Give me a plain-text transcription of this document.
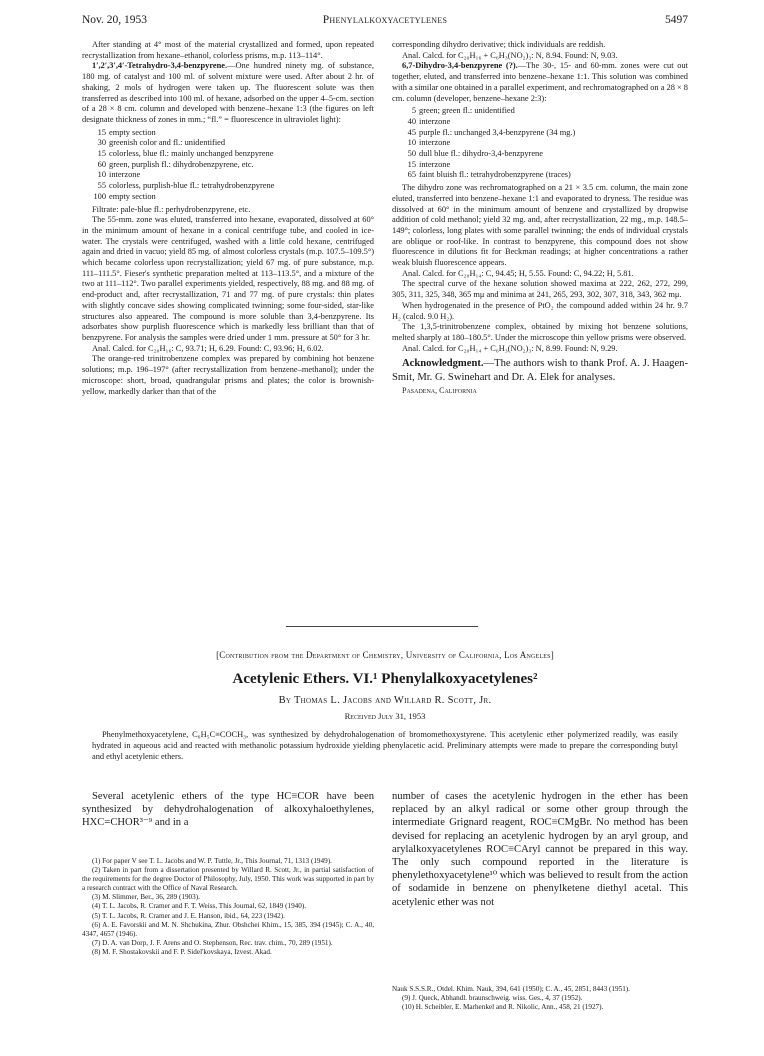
Nov. 20, 1953	Phenylalkoxyacetylenes	5497

After standing at 4° most of the material crystallized and formed, upon repeated recrystallization from hexane–ethanol, colorless prisms, m.p. 113–114°.

1′,2′,3′,4′-Tetrahydro-3,4-benzpyrene.—One hundred ninety mg. of substance, 180 mg. of catalyst and 100 ml. of solvent mixture were used. After about 2 hr. of shaking, 2 mols of hydrogen were taken up. The fluorescent solute was then transferred as described into 100 ml. of hexane, adsorbed on the upper 4–5-cm. section of a 28 × 8 cm. column and developed with benzene–hexane 1:3 (the figures on left designate thickness of zones in mm.; “fl.” = fluorescence in ultraviolet light):

15 empty section
30 greenish color and fl.: unidentified
15 colorless, blue fl.: mainly unchanged benzpyrene
60 green, purplish fl.: dihydrobenzpyrene, etc.
10 interzone
55 colorless, purplish-blue fl.: tetrahydrobenzpyrene
100 empty section

Filtrate: pale-blue fl.: perhydrobenzpyrene, etc.

The 55-mm. zone was eluted, transferred into hexane, evaporated, dissolved at 60° in the minimum amount of hexane in a conical centrifuge tube, and cooled in ice-water. The crystals were centrifuged, washed with a little cold hexane, centrifuged again and dried in vacuo; yield 85 mg. of almost colorless crystals (m.p. 107.5–109.5°) which became colorless upon recrystallization; yield 67 mg. of pure substance, m.p. 111–111.5°. Fieser's synthetic preparation melted at 113–113.5°, and a mixture of the two at 111–112°. Two parallel experiments yielded, respectively, 88 mg. and 88 mg. of end-product and, after recrystallization, 71 and 77 mg. of pure crystals: thin plates with slightly concave sides showing complicated twinning; some four-sided, star-like structures also appeared. The compound is more soluble than 3,4-benzpyrene. Its adsorbates show purplish fluorescence which is markedly less brilliant than that of benzpyrene. For analysis the samples were dried under 1 mm. pressure at 50° for 3 hr.

Anal. Calcd. for C₂₀H₁₆: C, 93.71; H, 6.29. Found: C, 93.96; H, 6.02.

The orange-red trinitrobenzene complex was prepared by combining hot benzene solutions; m.p. 196–197° (after recrystallization from benzene–methanol); under the microscope: short, broad, quadrangular prisms and plates; the color is brownish-yellow, markedly darker than that of the

corresponding dihydro derivative; thick individuals are reddish.

Anal. Calcd. for C₂₀H₁₆ + C₆H₃(NO₂)₃: N, 8.94. Found: N, 9.03.

6,7-Dihydro-3,4-benzpyrene (?).—The 30-, 15- and 60-mm. zones were cut out together, eluted, and transferred into benzene–hexane 1:1. This solution was combined with a similar one obtained in a parallel experiment, and rechromatographed on a 28 × 8 cm. column (developer, benzene–hexane 2:3):

5 green; green fl.: unidentified
40 interzone
45 purple fl.: unchanged 3,4-benzpyrene (34 mg.)
10 interzone
50 dull blue fl.: dihydro-3,4-benzpyrene
15 interzone
65 faint bluish fl.: tetrahydrobenzpyrene (traces)

The dihydro zone was rechromatographed on a 21 × 3.5 cm. column, the main zone eluted, transferred into benzene–hexane 1:1 and evaporated to dryness. The residue was dissolved at 60° in the minimum amount of benzene and crystallized by dropwise addition of cold methanol; yield 32 mg. and, after recrystallization, 22 mg., m.p. 148.5–149°; colorless, long plates with some parallel twinning; the ends of individual crystals are oblique or roof-like. In contrast to benzpyrene, this compound does not show fluorescence in dilutions fit for Beckman readings; at higher concentrations a rather weak bluish fluorescence appears.

Anal. Calcd. for C₂₀H₁₄: C, 94.45; H, 5.55. Found: C, 94.22; H, 5.81.

The spectral curve of the hexane solution showed maxima at 222, 262, 272, 299, 305, 311, 325, 348, 365 mμ and minima at 241, 265, 293, 302, 307, 318, 343, 362 mμ.

When hydrogenated in the presence of PtO₂ the compound added within 24 hr. 9.7 H₂ (calcd. 9.0 H₂).

The 1,3,5-trinitrobenzene complex, obtained by mixing hot benzene solutions, melted sharply at 180–180.5°. Under the microscope thin yellow prisms were observed.

Anal. Calcd. for C₂₀H₁₄ + C₆H₃(NO₂)₃: N, 8.99. Found: N, 9.29.

Acknowledgment.—The authors wish to thank Prof. A. J. Haagen-Smit, Mr. G. Swinehart and Dr. A. Elek for analyses.

Pasadena, California

[Contribution from the Department of Chemistry, University of California, Los Angeles]
Acetylenic Ethers. VI.¹ Phenylalkoxyacetylenes²
By Thomas L. Jacobs and Willard R. Scott, Jr.
Received July 31, 1953
Phenylmethoxyacetylene, C₆H₅C≡COCH₃, was synthesized by dehydrohalogenation of bromomethoxystyrene. This acetylenic ether polymerized readily, was easily hydrated in aqueous acid and reacted with methanolic potassium hydroxide yielding phenylacetic acid. Preliminary attempts were made to prepare the corresponding butyl and ethyl acetylenic ethers.

Several acetylenic ethers of the type HC≡COR have been synthesized by dehydrohalogenation of alkoxyhaloethylenes, HXC=CHOR³⁻⁹ and in a

number of cases the acetylenic hydrogen in the ether has been replaced by an alkyl radical or some other group through the intermediate Grignard reagent, ROC≡CMgBr. No method has been devised for replacing an acetylenic hydrogen by an aryl group, and arylalkoxyacetylenes ROC≡CAryl cannot be prepared in this way. The only such compound reported in the literature is phenylethoxyacetylene¹⁰ which was believed to result from the action of sodamide in benzene on phenylketene diethyl acetal. This acetylenic ether was not

(1) For paper V see T. L. Jacobs and W. P. Tuttle, Jr., This Journal, 71, 1313 (1949).

(2) Taken in part from a dissertation presented by Willard R. Scott, Jr., in partial satisfaction of the requirements for the degree Doctor of Philosophy, July, 1950. This work was supported in part by a research contract with the Office of Naval Research.

(3) M. Slimmer, Ber., 36, 289 (1903).

(4) T. L. Jacobs, R. Cramer and F. T. Weiss, This Journal, 62, 1849 (1940).

(5) T. L. Jacobs, R. Cramer and J. E. Hanson, ibid., 64, 223 (1942).

(6) A. E. Favorskii and M. N. Shchukina, Zhur. Obshchei Khim., 15, 385, 394 (1945); C. A., 40, 4347, 4657 (1946).

(7) D. A. van Dorp, J. F. Arens and O. Stephenson, Rec. trav. chim., 70, 289 (1951).

(8) M. F. Shostakovskii and F. P. Sidel'kovskaya, Izvest. Akad.

Nauk S.S.S.R., Otdel. Khim. Nauk, 394, 641 (1950); C. A., 45, 2851, 8443 (1951).

(9) J. Queck, Abhandl. braunschweig. wiss. Ges., 4, 37 (1952).

(10) H. Scheibler, E. Marhenkel and R. Nikolic, Ann., 458, 21 (1927).
